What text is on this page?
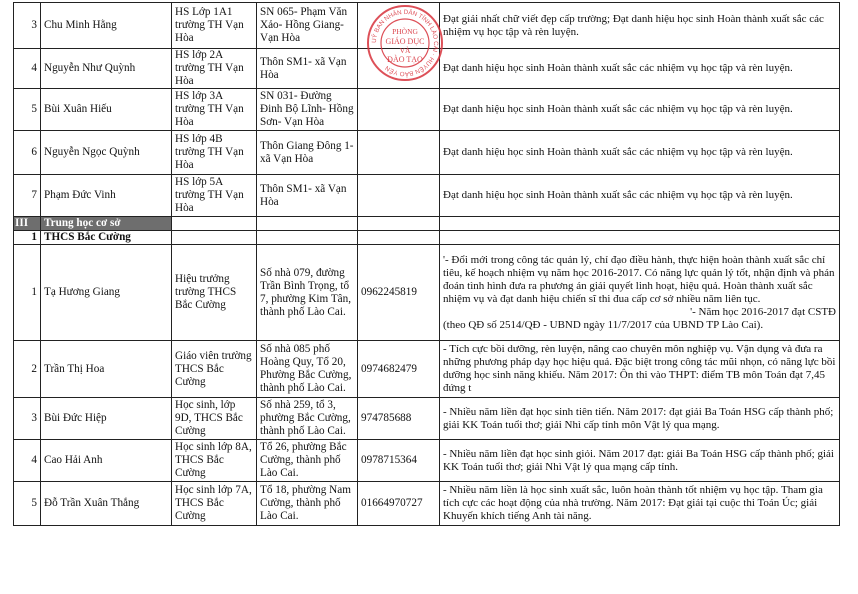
3	Chu Minh Hằng	HS Lớp 1A1 trường TH Vạn Hòa	SN 065- Phạm Văn Xảo- Hồng Giang- Vạn Hòa		Đạt giải nhất chữ viết đẹp cấp trường; Đạt danh hiệu học sinh Hoàn thành xuất sắc các nhiệm vụ học tập và rèn luyện.
4	Nguyễn Như Quỳnh	HS lớp 2A trường TH Vạn Hòa	Thôn SM1- xã Vạn Hòa		Đạt danh hiệu học sinh Hoàn thành xuất sắc các nhiệm vụ học tập và rèn luyện.
5	Bùi Xuân Hiếu	HS lớp 3A trường TH Vạn Hòa	SN 031- Đường Đinh Bộ Lĩnh- Hồng Sơn- Vạn Hòa		Đạt danh hiệu học sinh Hoàn thành xuất sắc các nhiệm vụ học tập và rèn luyện.
6	Nguyễn Ngọc Quỳnh	HS lớp 4B trường TH Vạn Hòa	Thôn Giang Đông 1- xã Vạn Hòa		Đạt danh hiệu học sinh Hoàn thành xuất sắc các nhiệm vụ học tập và rèn luyện.
7	Phạm Đức Vinh	HS lớp 5A trường TH Vạn Hòa	Thôn SM1- xã Vạn Hòa		Đạt danh hiệu học sinh Hoàn thành xuất sắc các nhiệm vụ học tập và rèn luyện.
III	Trung học cơ sở				
1	THCS Bắc Cường				
1	Tạ Hương Giang	Hiệu trưởng trường THCS Bắc Cường	Số nhà 079, đường Trần Bình Trọng, tổ 7, phường Kim Tân, thành phố Lào Cai.	0962245819	'- Đổi mới trong công tác quản lý, chỉ đạo điều hành, thực hiện hoàn thành xuất sắc chỉ tiêu, kế hoạch nhiệm vụ năm học 2016-2017. Có năng lực quản lý tốt, nhận định và phán đoán tình hình đưa ra phương án giải quyết linh hoạt, hiệu quả. Hoàn thành xuất sắc nhiệm vụ và đạt danh hiệu chiến sĩ thi đua cấp cơ sở nhiều năm liên tục.

'- Năm học 2016-2017 đạt CSTĐ

(theo QĐ số 2514/QĐ - UBND ngày 11/7/2017 của UBND TP Lào Cai).

2	Trần Thị Hoa	Giáo viên trường THCS Bắc Cường	Số nhà 085 phố Hoàng Quy, Tổ 20, Phường Bắc Cường, thành phố Lào Cai.	0974682479	- Tích cực bồi dưỡng, rèn luyện, nâng cao chuyên môn nghiệp vụ. Vận dụng và đưa ra những phương pháp dạy học hiệu quả. Đặc biệt trong công tác mũi nhọn, có năng lực bồi dưỡng học sinh năng khiếu. Năm 2017: Ôn thi vào THPT: điểm TB môn Toán đạt 7,45 đứng t
3	Bùi Đức Hiệp	Học sinh, lớp 9D, THCS Bắc Cường	Số nhà 259, tổ 3, phường Bắc Cường, thành phố Lào Cai.	974785688	- Nhiều năm liền đạt học sinh tiên tiến. Năm 2017: đạt giải Ba Toán HSG cấp thành phố; giải KK Toán tuổi thơ; giải Nhì cấp tỉnh môn Vật lý qua mạng.
4	Cao Hải Anh	Học sinh lớp 8A, THCS Bắc Cường	Tổ 26, phường Bắc Cường, thành phố Lào Cai.	0978715364	- Nhiều năm liền đạt học sinh giỏi. Năm 2017 đạt: giải Ba Toán HSG cấp thành phố; giải KK Toán tuổi thơ; giải Nhì Vật lý qua mạng cấp tỉnh.
5	Đỗ Trần Xuân Thắng	Học sinh lớp 7A, THCS Bắc Cường	Tổ 18, phường Nam Cường, thành phố Lào Cai.	01664970727	- Nhiều năm liền là học sinh xuất sắc, luôn hoàn thành tốt nhiệm vụ học tập. Tham gia tích cực các hoạt động của nhà trường. Năm 2017: Đạt giải tại cuộc thi Toán Úc; giải Khuyến khích tiếng Anh tài năng.
UỶ BAN NHÂN DÂN TỈNH LÀO CAI · HUYỆN BẢO YÊN
PHÒNG
GIÁO DỤC
VÀ
ĐÀO TẠO
